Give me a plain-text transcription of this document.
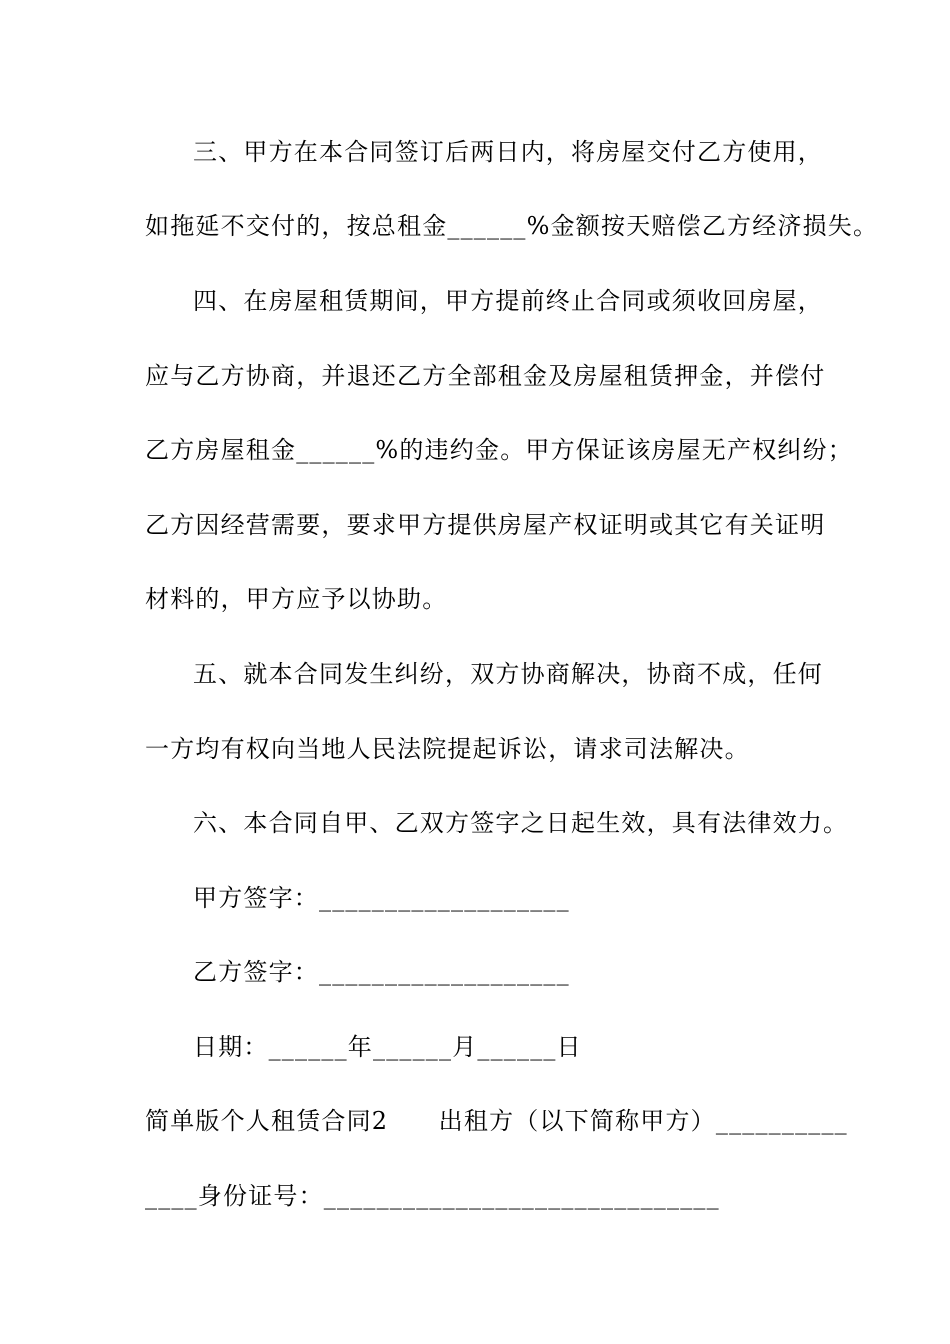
三、甲方在本合同签订后两日内，将房屋交付乙方使用，
如拖延不交付的，按总租金______%金额按天赔偿乙方经济损失。
四、在房屋租赁期间，甲方提前终止合同或须收回房屋，
应与乙方协商，并退还乙方全部租金及房屋租赁押金，并偿付
乙方房屋租金______%的违约金。甲方保证该房屋无产权纠纷；
乙方因经营需要，要求甲方提供房屋产权证明或其它有关证明
材料的，甲方应予以协助。
五、就本合同发生纠纷，双方协商解决，协商不成，任何
一方均有权向当地人民法院提起诉讼，请求司法解决。
六、本合同自甲、乙双方签字之日起生效，具有法律效力。
甲方签字：___________________
乙方签字：___________________
日期：______年______月______日
简单版个人租赁合同2　　出租方（以下简称甲方）__________
____身份证号：______________________________
